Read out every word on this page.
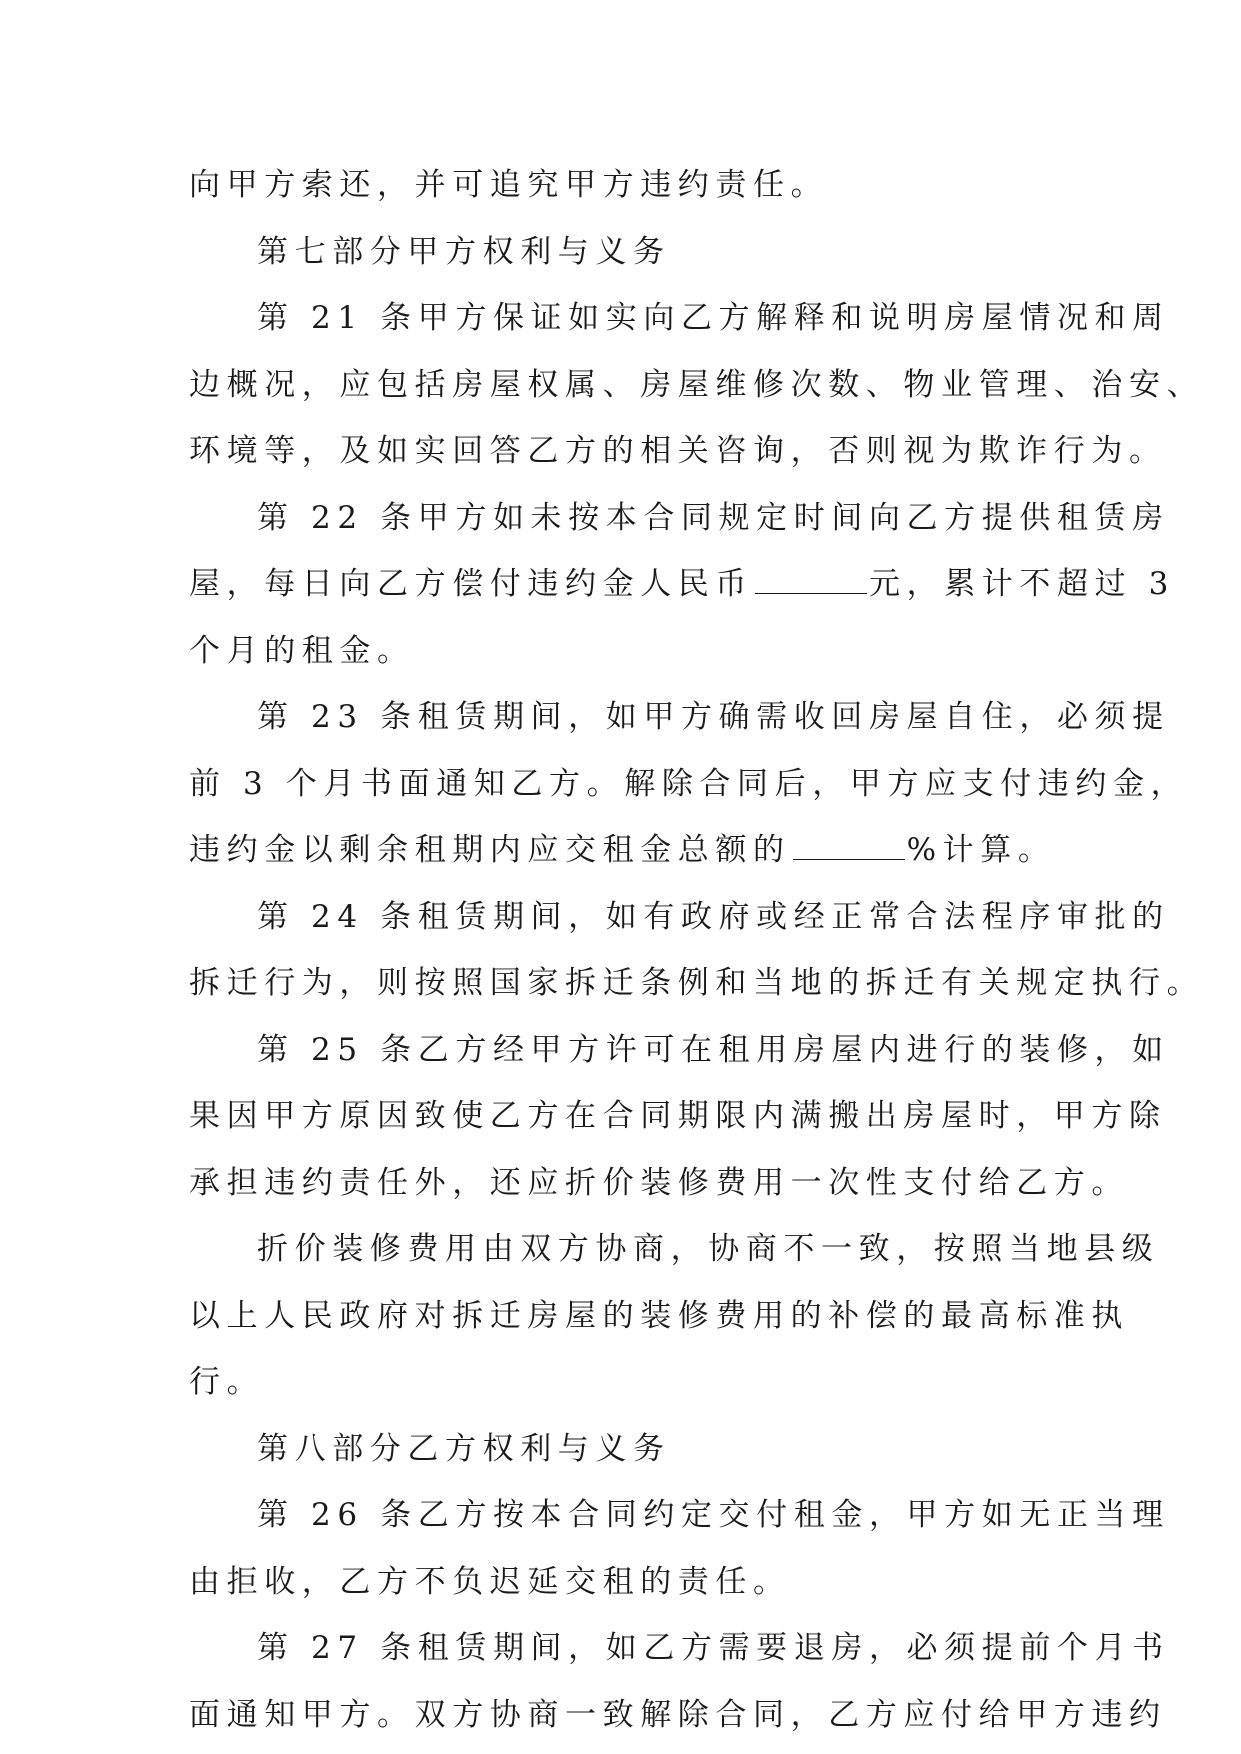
向甲方索还，并可追究甲方违约责任。
第七部分甲方权利与义务
第 21 条甲方保证如实向乙方解释和说明房屋情况和周
边概况，应包括房屋权属、房屋维修次数、物业管理、治安、
环境等，及如实回答乙方的相关咨询，否则视为欺诈行为。
第 22 条甲方如未按本合同规定时间向乙方提供租赁房
屋，每日向乙方偿付违约金人民币	元，累计不超过 3
个月的租金。
第 23 条租赁期间，如甲方确需收回房屋自住，必须提
前 3 个月书面通知乙方。解除合同后，甲方应支付违约金，
违约金以剩余租期内应交租金总额的	%计算。
第 24 条租赁期间，如有政府或经正常合法程序审批的
拆迁行为，则按照国家拆迁条例和当地的拆迁有关规定执行。
第 25 条乙方经甲方许可在租用房屋内进行的装修，如
果因甲方原因致使乙方在合同期限内满搬出房屋时，甲方除
承担违约责任外，还应折价装修费用一次性支付给乙方。
折价装修费用由双方协商，协商不一致，按照当地县级
以上人民政府对拆迁房屋的装修费用的补偿的最高标准执
行。
第八部分乙方权利与义务
第 26 条乙方按本合同约定交付租金，甲方如无正当理
由拒收，乙方不负迟延交租的责任。
第 27 条租赁期间，如乙方需要退房，必须提前个月书
面通知甲方。双方协商一致解除合同，乙方应付给甲方违约
